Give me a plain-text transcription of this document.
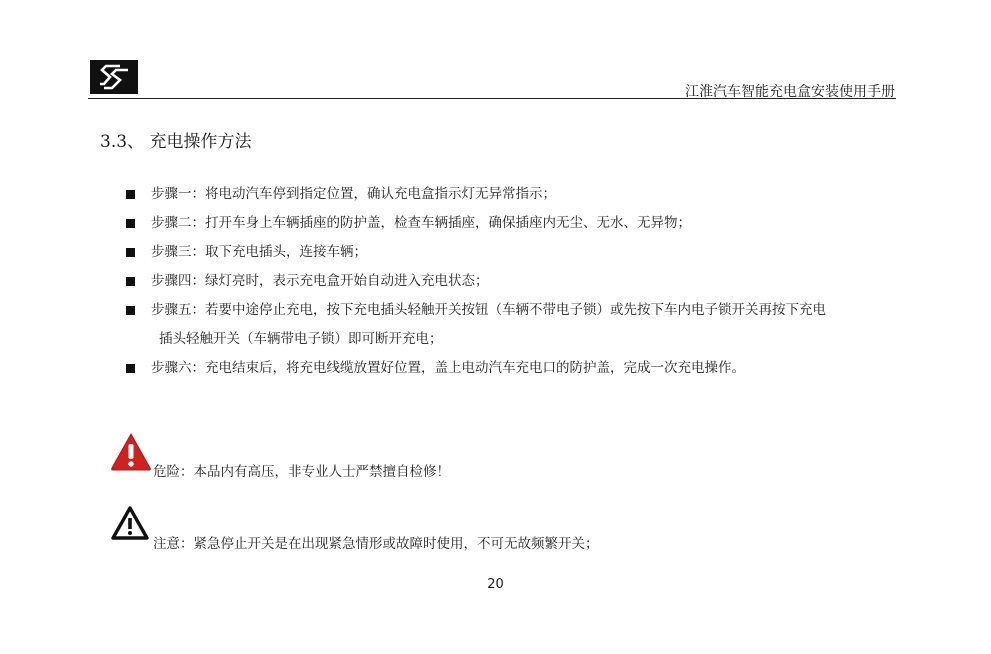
江淮汽车智能充电盒安装使用手册
3.3、 充电操作方法
步骤一：将电动汽车停到指定位置，确认充电盒指示灯无异常指示；
步骤二：打开车身上车辆插座的防护盖，检查车辆插座，确保插座内无尘、无水、无异物；
步骤三：取下充电插头，连接车辆；
步骤四：绿灯亮时，表示充电盒开始自动进入充电状态；
步骤五：若要中途停止充电，按下充电插头轻触开关按钮（车辆不带电子锁）或先按下车内电子锁开关再按下充电
插头轻触开关（车辆带电子锁）即可断开充电；
步骤六：充电结束后，将充电线缆放置好位置，盖上电动汽车充电口的防护盖，完成一次充电操作。
危险：本品内有高压，非专业人士严禁擅自检修！
注意：紧急停止开关是在出现紧急情形或故障时使用，不可无故频繁开关；
20
